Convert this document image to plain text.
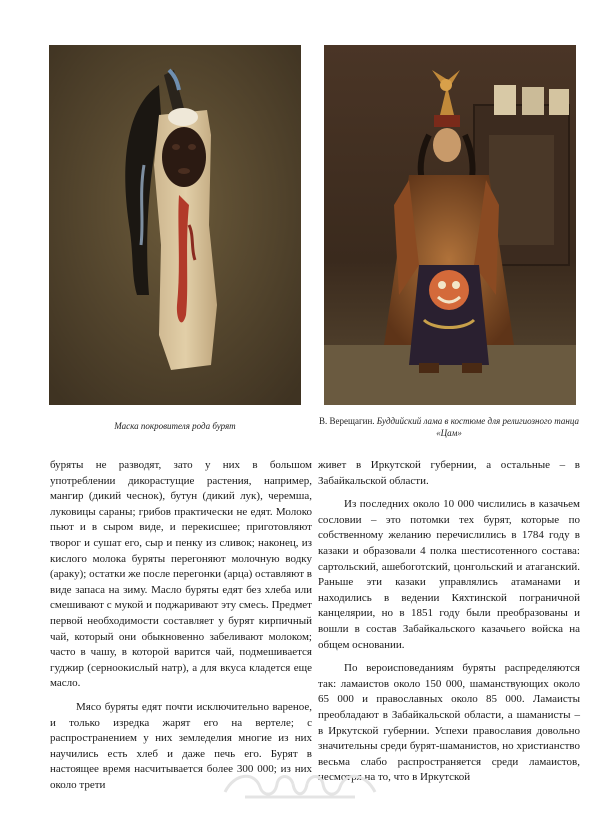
Маска покровителя рода бурят	В. Верещагин. Буддийский лама в костюме для религиозного танца «Цам»

буряты не разводят, зато у них в большом употреблении дикорастущие растения, например, мангир (дикий чеснок), бутун (дикий лук), черемша, луковицы сараны; грибов практически не едят. Молоко пьют и в сыром виде, и перекисшее; приготовляют творог и сушат его, сыр и пенку из сливок; наконец, из кислого молока буряты перегоняют молочную водку (араку); остатки же после перегонки (арца) оставляют в виде запаса на зиму. Масло буряты едят без хлеба или смешивают с мукой и поджаривают эту смесь. Предмет первой необходимости составляет у бурят кирпичный чай, который они обыкновенно забеливают молоком; часто в чашу, в которой варится чай, подмешивается гуджир (серноокислый натр), а для вкуса кладется еще масло.

Мясо буряты едят почти исключительно вареное, и только изредка жарят его на вертеле; с распространением у них земледелия многие из них научились есть хлеб и даже печь его. Бурят в настоящее время насчитывается более 300 000; из них около трети

живет в Иркутской губернии, а остальные – в Забайкальской области.

Из последних около 10 000 числились в казачьем сословии – это потомки тех бурят, которые по собственному желанию перечислились в 1784 году в казаки и образовали 4 полка шестисотенного состава: сартольский, ашебоготский, цонгольский и атаганский. Раньше эти казаки управлялись атаманами и находились в ведении Кяхтинской пограничной канцелярии, но в 1851 году были преобразованы и вошли в состав Забайкальского казачьего войска на общем основании.

По вероисповеданиям буряты распределяются так: ламаистов около 150 000, шаманствующих около 65 000 и православных около 85 000. Ламаисты преобладают в Забайкальской области, а шаманисты – в Иркутской губернии. Успехи православия довольно значительны среди бурят-шаманистов, но христианство весьма слабо распространяется среди ламаистов, несмотря на то, что в Иркутской
